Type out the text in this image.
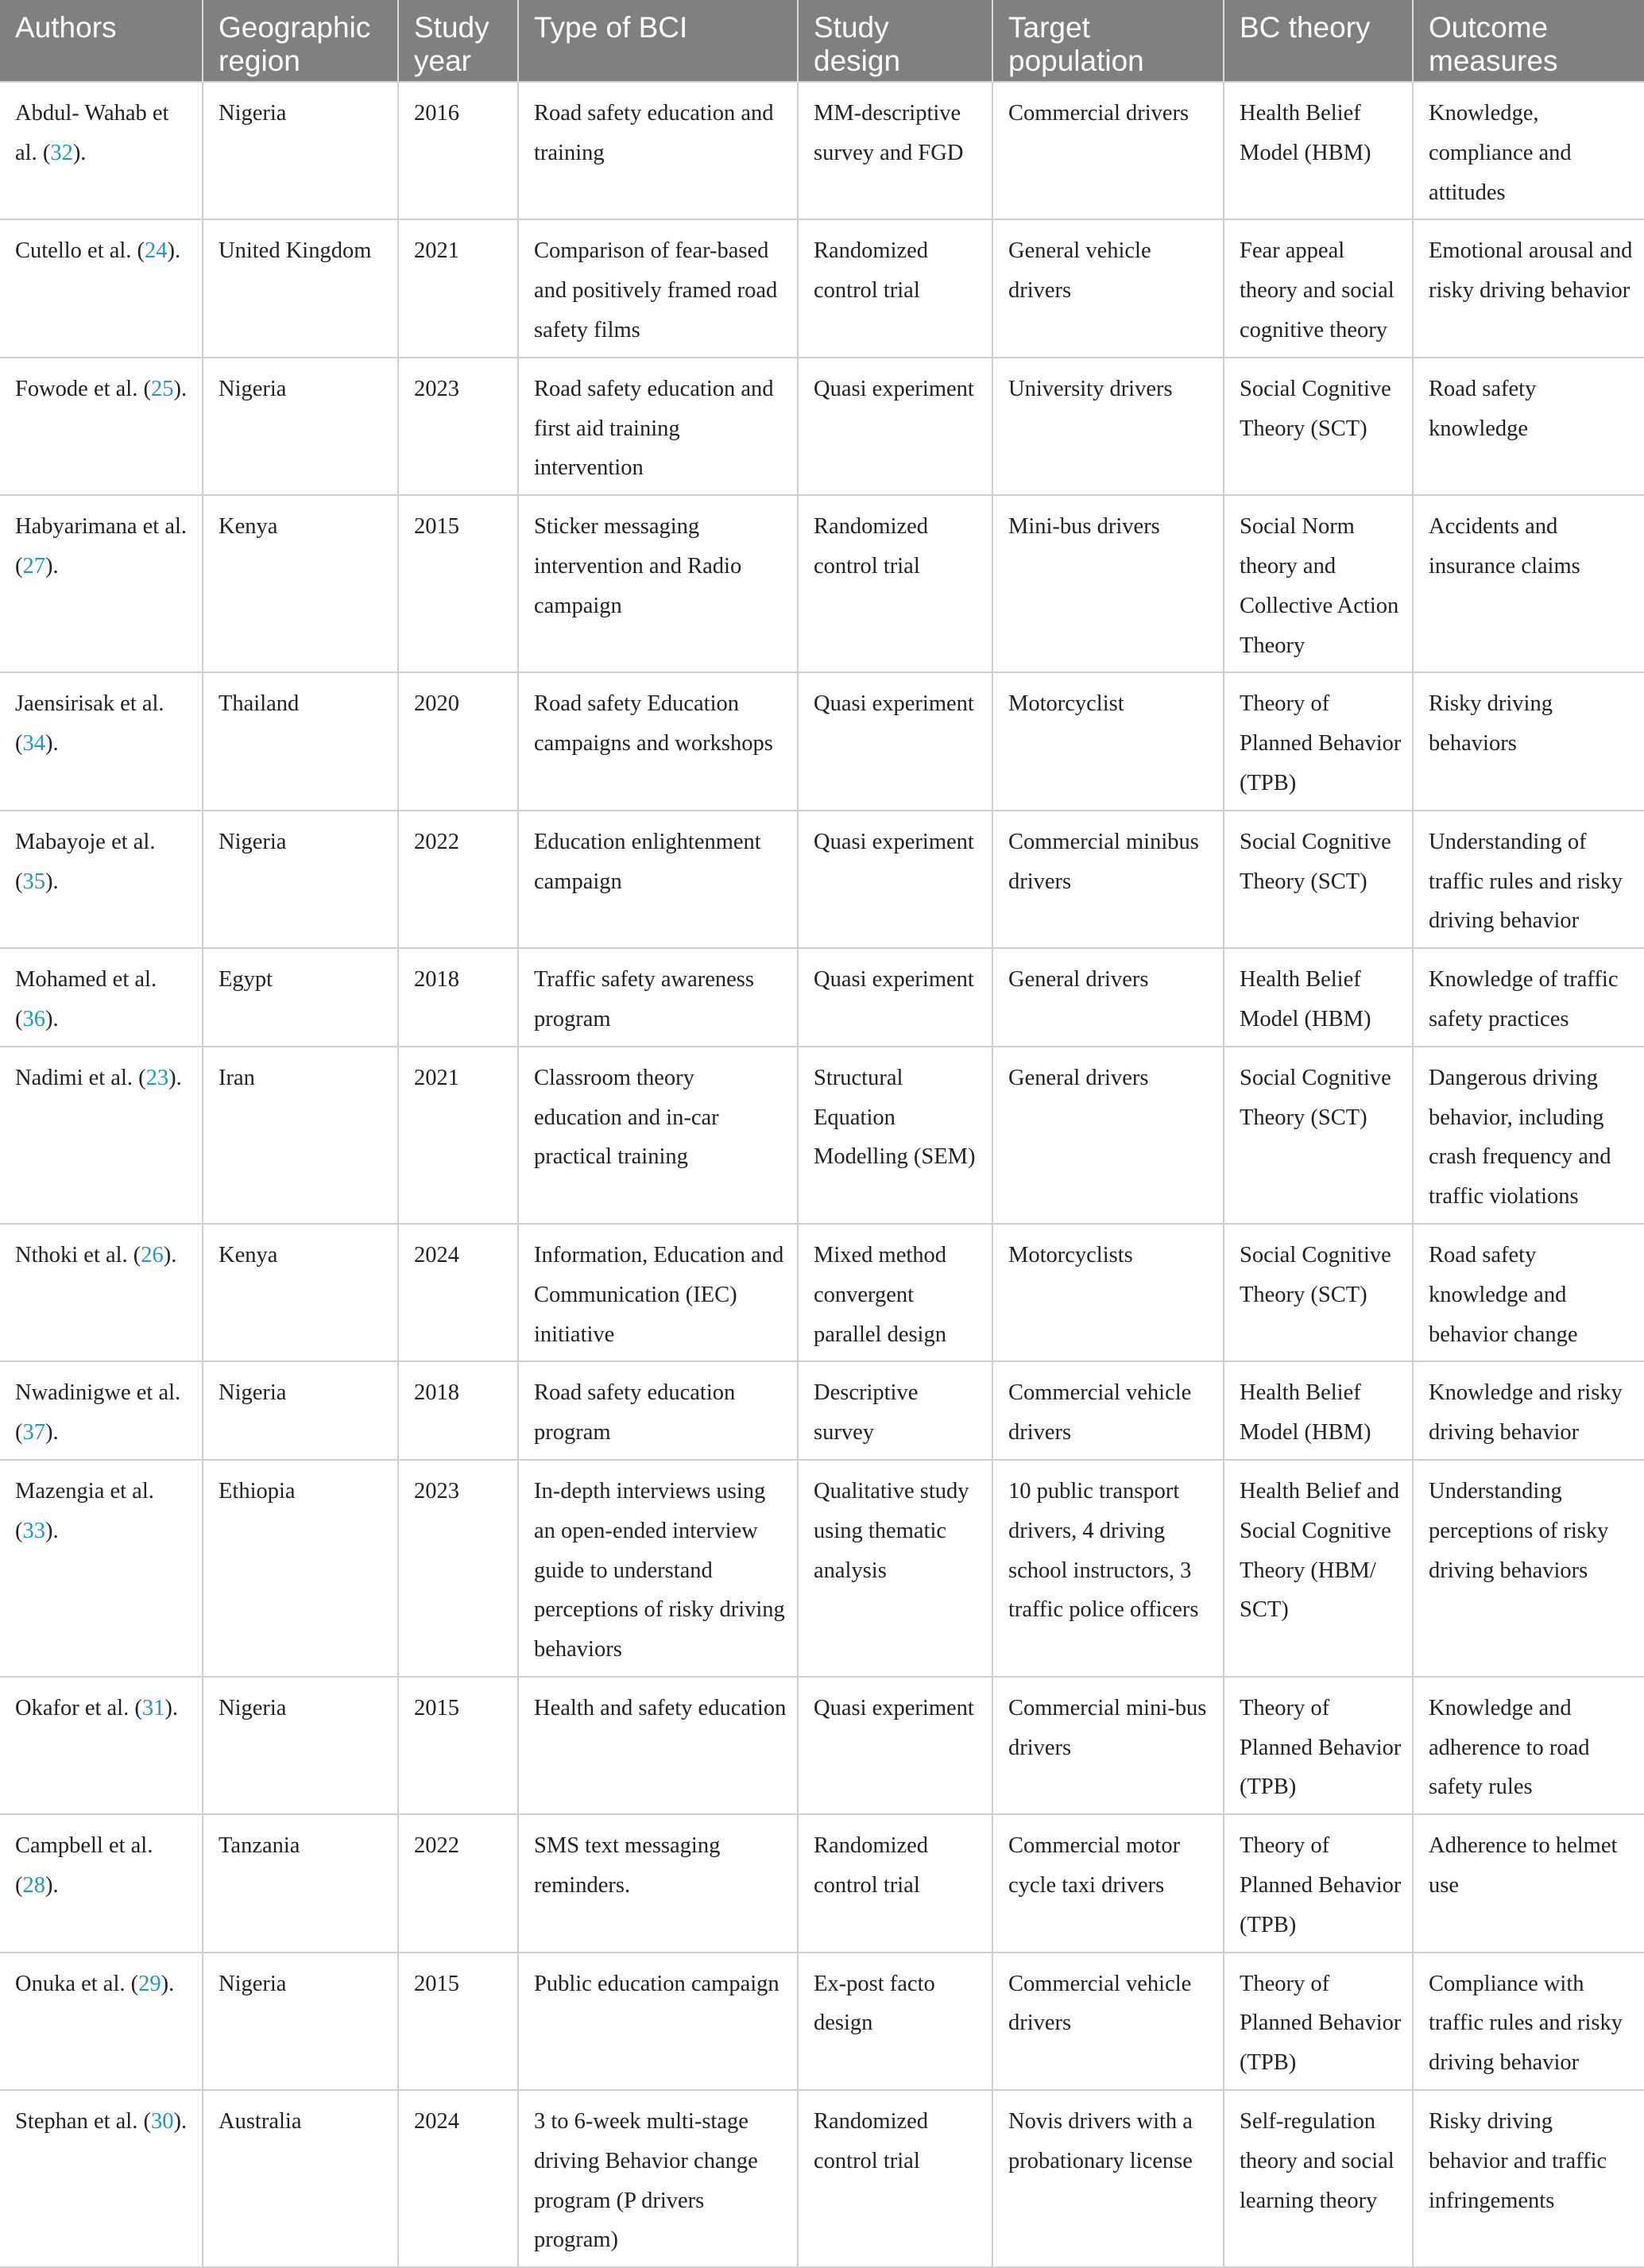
Authors	Geographic region	Study year	Type of BCI	Study design	Target population	BC theory	Outcome measures
Abdul- Wahab et al. (32).	Nigeria	2016	Road safety education and training	MM-descriptive survey and FGD	Commercial drivers	Health Belief Model (HBM)	Knowledge, compliance and attitudes
Cutello et al. (24).	United Kingdom	2021	Comparison of fear-based and positively framed road safety films	Randomized control trial	General vehicle drivers	Fear appeal theory and social cognitive theory	Emotional arousal and risky driving behavior
Fowode et al. (25).	Nigeria	2023	Road safety education and first aid training intervention	Quasi experiment	University drivers	Social Cognitive Theory (SCT)	Road safety knowledge
Habyarimana et al. (27).	Kenya	2015	Sticker messaging intervention and Radio campaign	Randomized control trial	Mini-bus drivers	Social Norm theory and Collective Action Theory	Accidents and insurance claims
Jaensirisak et al. (34).	Thailand	2020	Road safety Education campaigns and workshops	Quasi experiment	Motorcyclist	Theory of Planned Behavior (TPB)	Risky driving behaviors
Mabayoje et al. (35).	Nigeria	2022	Education enlightenment campaign	Quasi experiment	Commercial minibus drivers	Social Cognitive Theory (SCT)	Understanding of traffic rules and risky driving behavior
Mohamed et al. (36).	Egypt	2018	Traffic safety awareness program	Quasi experiment	General drivers	Health Belief Model (HBM)	Knowledge of traffic safety practices
Nadimi et al. (23).	Iran	2021	Classroom theory education and in-car practical training	Structural Equation Modelling (SEM)	General drivers	Social Cognitive Theory (SCT)	Dangerous driving behavior, including crash frequency and traffic violations
Nthoki et al. (26).	Kenya	2024	Information, Education and Communication (IEC) initiative	Mixed method convergent parallel design	Motorcyclists	Social Cognitive Theory (SCT)	Road safety knowledge and behavior change
Nwadinigwe et al. (37).	Nigeria	2018	Road safety education program	Descriptive survey	Commercial vehicle drivers	Health Belief Model (HBM)	Knowledge and risky driving behavior
Mazengia et al. (33).	Ethiopia	2023	In-depth interviews using an open-ended interview guide to understand perceptions of risky driving behaviors	Qualitative study using thematic analysis	10 public transport drivers, 4 driving school instructors, 3 traffic police officers	Health Belief and Social Cognitive Theory (HBM/ SCT)	Understanding perceptions of risky driving behaviors
Okafor et al. (31).	Nigeria	2015	Health and safety education	Quasi experiment	Commercial mini-bus drivers	Theory of Planned Behavior (TPB)	Knowledge and adherence to road safety rules
Campbell et al. (28).	Tanzania	2022	SMS text messaging reminders.	Randomized control trial	Commercial motor cycle taxi drivers	Theory of Planned Behavior (TPB)	Adherence to helmet use
Onuka et al. (29).	Nigeria	2015	Public education campaign	Ex-post facto design	Commercial vehicle drivers	Theory of Planned Behavior (TPB)	Compliance with traffic rules and risky driving behavior
Stephan et al. (30).	Australia	2024	3 to 6-week multi-stage driving Behavior change program (P drivers program)	Randomized control trial	Novis drivers with a probationary license	Self-regulation theory and social learning theory	Risky driving behavior and traffic infringements
